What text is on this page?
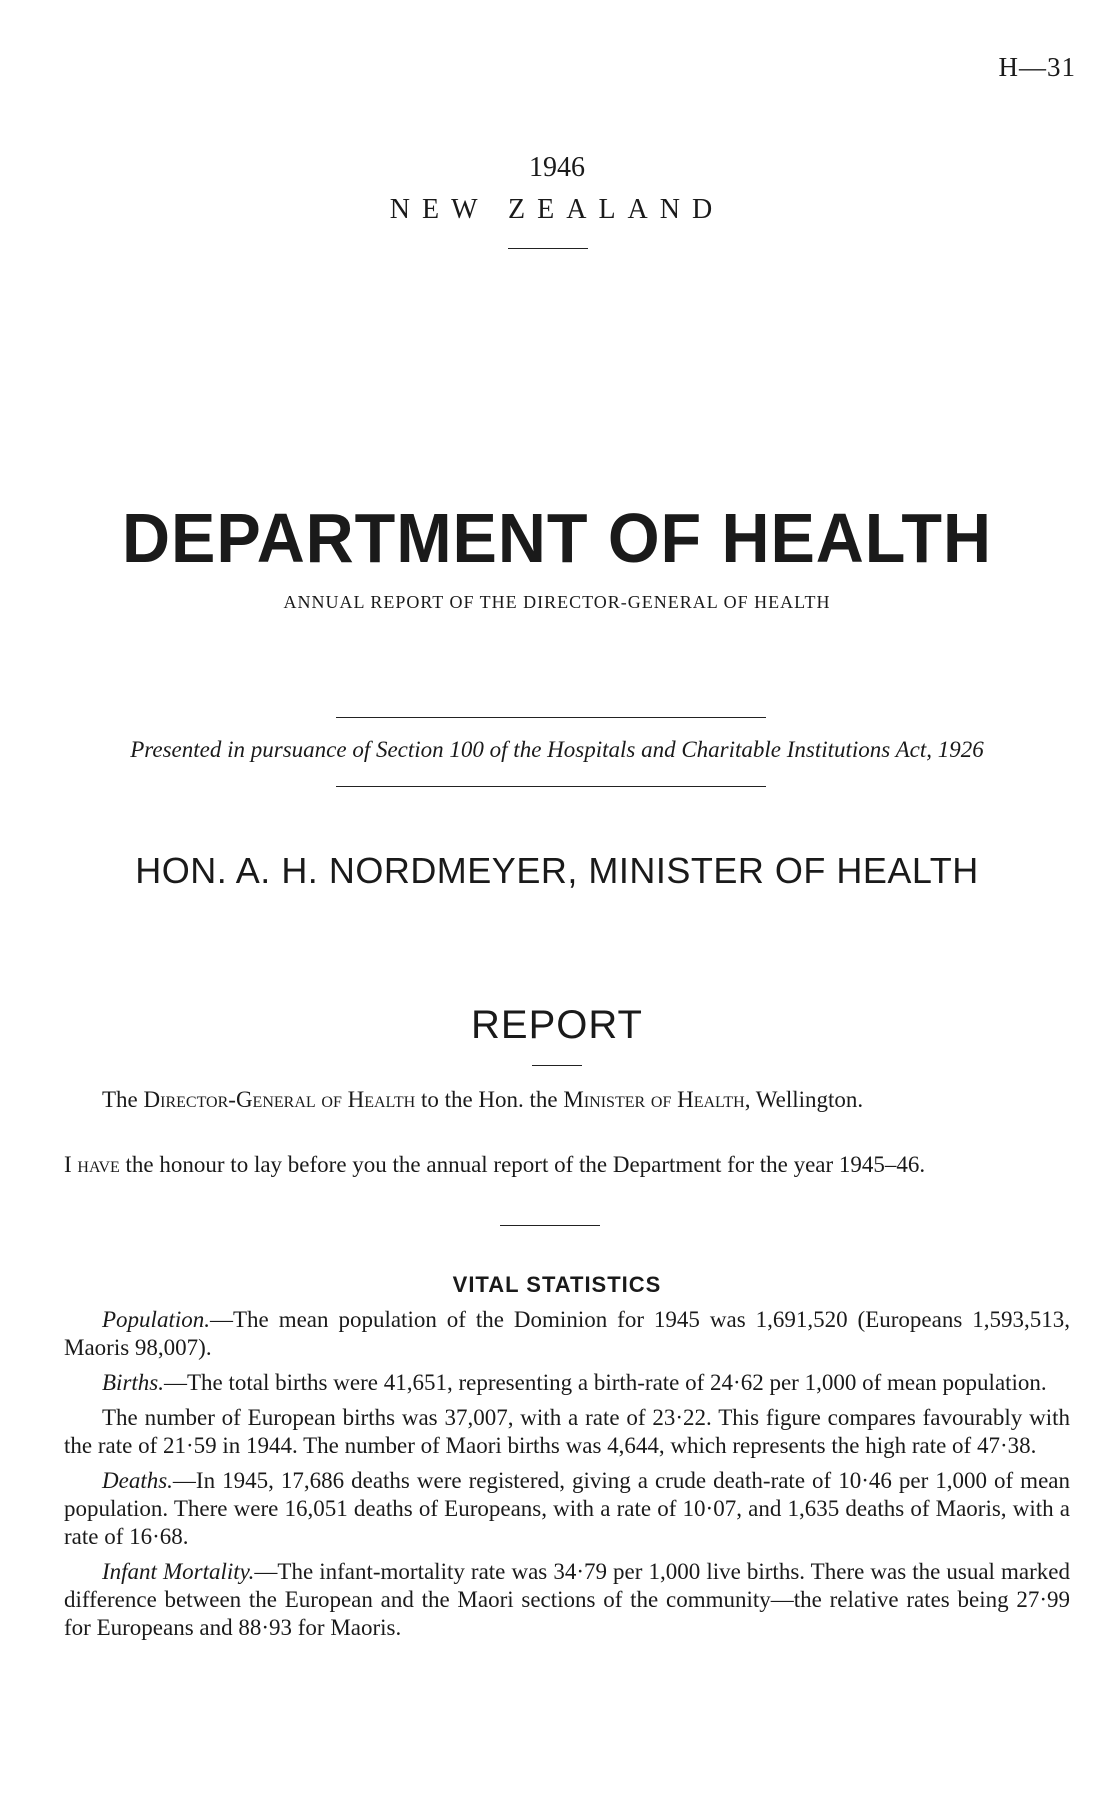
H—31
1946
NEW ZEALAND
DEPARTMENT OF HEALTH
ANNUAL REPORT OF THE DIRECTOR-GENERAL OF HEALTH
Presented in pursuance of Section 100 of the Hospitals and Charitable Institutions Act, 1926
HON. A. H. NORDMEYER, MINISTER OF HEALTH
REPORT
The Director-General of Health to the Hon. the Minister of Health, Wellington.
I have the honour to lay before you the annual report of the Department for the year 1945–46.
VITAL STATISTICS

Population.—The mean population of the Dominion for 1945 was 1,691,520 (Europeans 1,593,513, Maoris 98,007).

Births.—The total births were 41,651, representing a birth-rate of 24·62 per 1,000 of mean population.

The number of European births was 37,007, with a rate of 23·22. This figure compares favourably with the rate of 21·59 in 1944. The number of Maori births was 4,644, which represents the high rate of 47·38.

Deaths.—In 1945, 17,686 deaths were registered, giving a crude death-rate of 10·46 per 1,000 of mean population. There were 16,051 deaths of Europeans, with a rate of 10·07, and 1,635 deaths of Maoris, with a rate of 16·68.

Infant Mortality.—The infant-mortality rate was 34·79 per 1,000 live births. There was the usual marked difference between the European and the Maori sections of the community—the relative rates being 27·99 for Europeans and 88·93 for Maoris.
